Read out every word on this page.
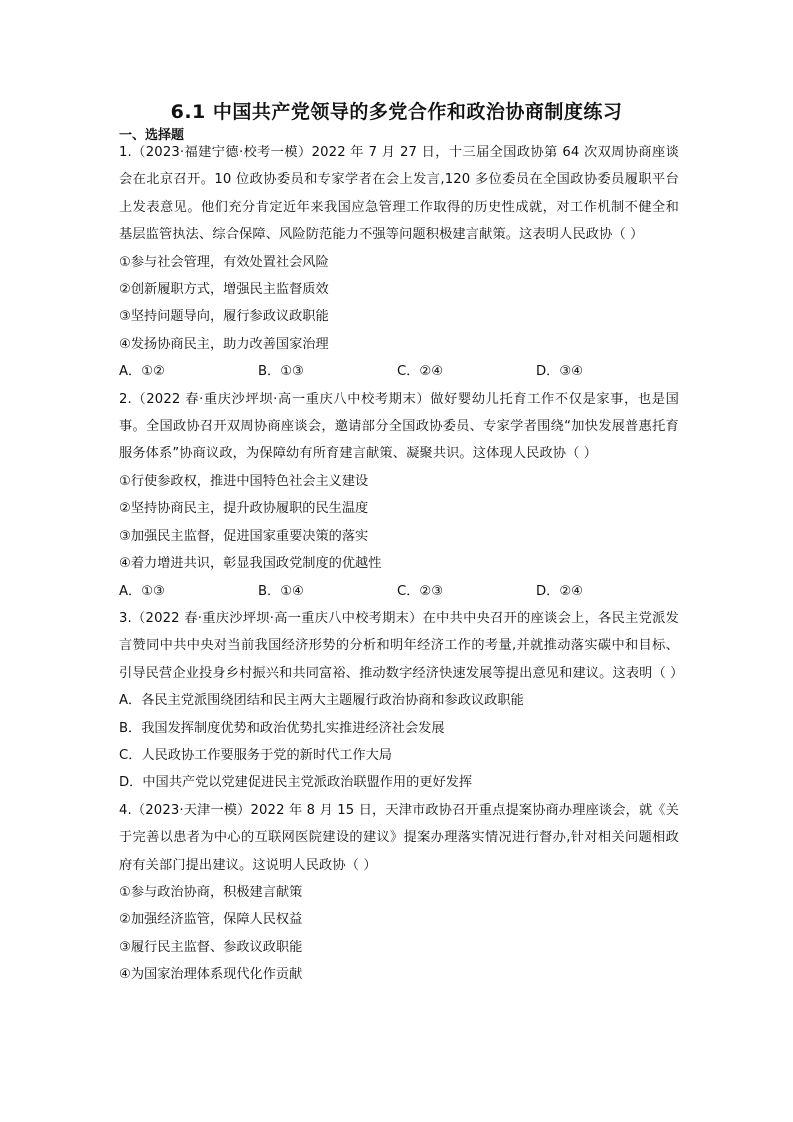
6.1 中国共产党领导的多党合作和政治协商制度练习
一、选择题

1.（2023·福建宁德·校考一模）2022 年 7 月 27 日，十三届全国政协第 64 次双周协商座谈会在北京召开。10 位政协委员和专家学者在会上发言,120 多位委员在全国政协委员履职平台上发表意见。他们充分肯定近年来我国应急管理工作取得的历史性成就，对工作机制不健全和基层监管执法、综合保障、风险防范能力不强等问题积极建言献策。这表明人民政协（ ）

①参与社会管理，有效处置社会风险

②创新履职方式，增强民主监督质效

③坚持问题导向，履行参政议政职能

④发扬协商民主，助力改善国家治理

A．①②	B．①③	C．②④	D．③④

2.（2022 春·重庆沙坪坝·高一重庆八中校考期末）做好婴幼儿托育工作不仅是家事，也是国事。全国政协召开双周协商座谈会，邀请部分全国政协委员、专家学者围绕“加快发展普惠托育服务体系”协商议政，为保障幼有所育建言献策、凝聚共识。这体现人民政协（ ）

①行使参政权，推进中国特色社会主义建设

②坚持协商民主，提升政协履职的民生温度

③加强民主监督，促进国家重要决策的落实

④着力增进共识，彰显我国政党制度的优越性

A．①③	B．①④	C．②③	D．②④

3.（2022 春·重庆沙坪坝·高一重庆八中校考期末）在中共中央召开的座谈会上，各民主党派发言赞同中共中央对当前我国经济形势的分析和明年经济工作的考量,并就推动落实碳中和目标、引导民营企业投身乡村振兴和共同富裕、推动数字经济快速发展等提出意见和建议。这表明（ ）

A．各民主党派围绕团结和民主两大主题履行政治协商和参政议政职能

B．我国发挥制度优势和政治优势扎实推进经济社会发展

C．人民政协工作要服务于党的新时代工作大局

D．中国共产党以党建促进民主党派政治联盟作用的更好发挥

4.（2023·天津一模）2022 年 8 月 15 日，天津市政协召开重点提案协商办理座谈会，就《关于完善以患者为中心的互联网医院建设的建议》提案办理落实情况进行督办,针对相关问题相政府有关部门提出建议。这说明人民政协（ ）

①参与政治协商，积极建言献策

②加强经济监管，保障人民权益

③履行民主监督、参政议政职能

④为国家治理体系现代化作贡献
